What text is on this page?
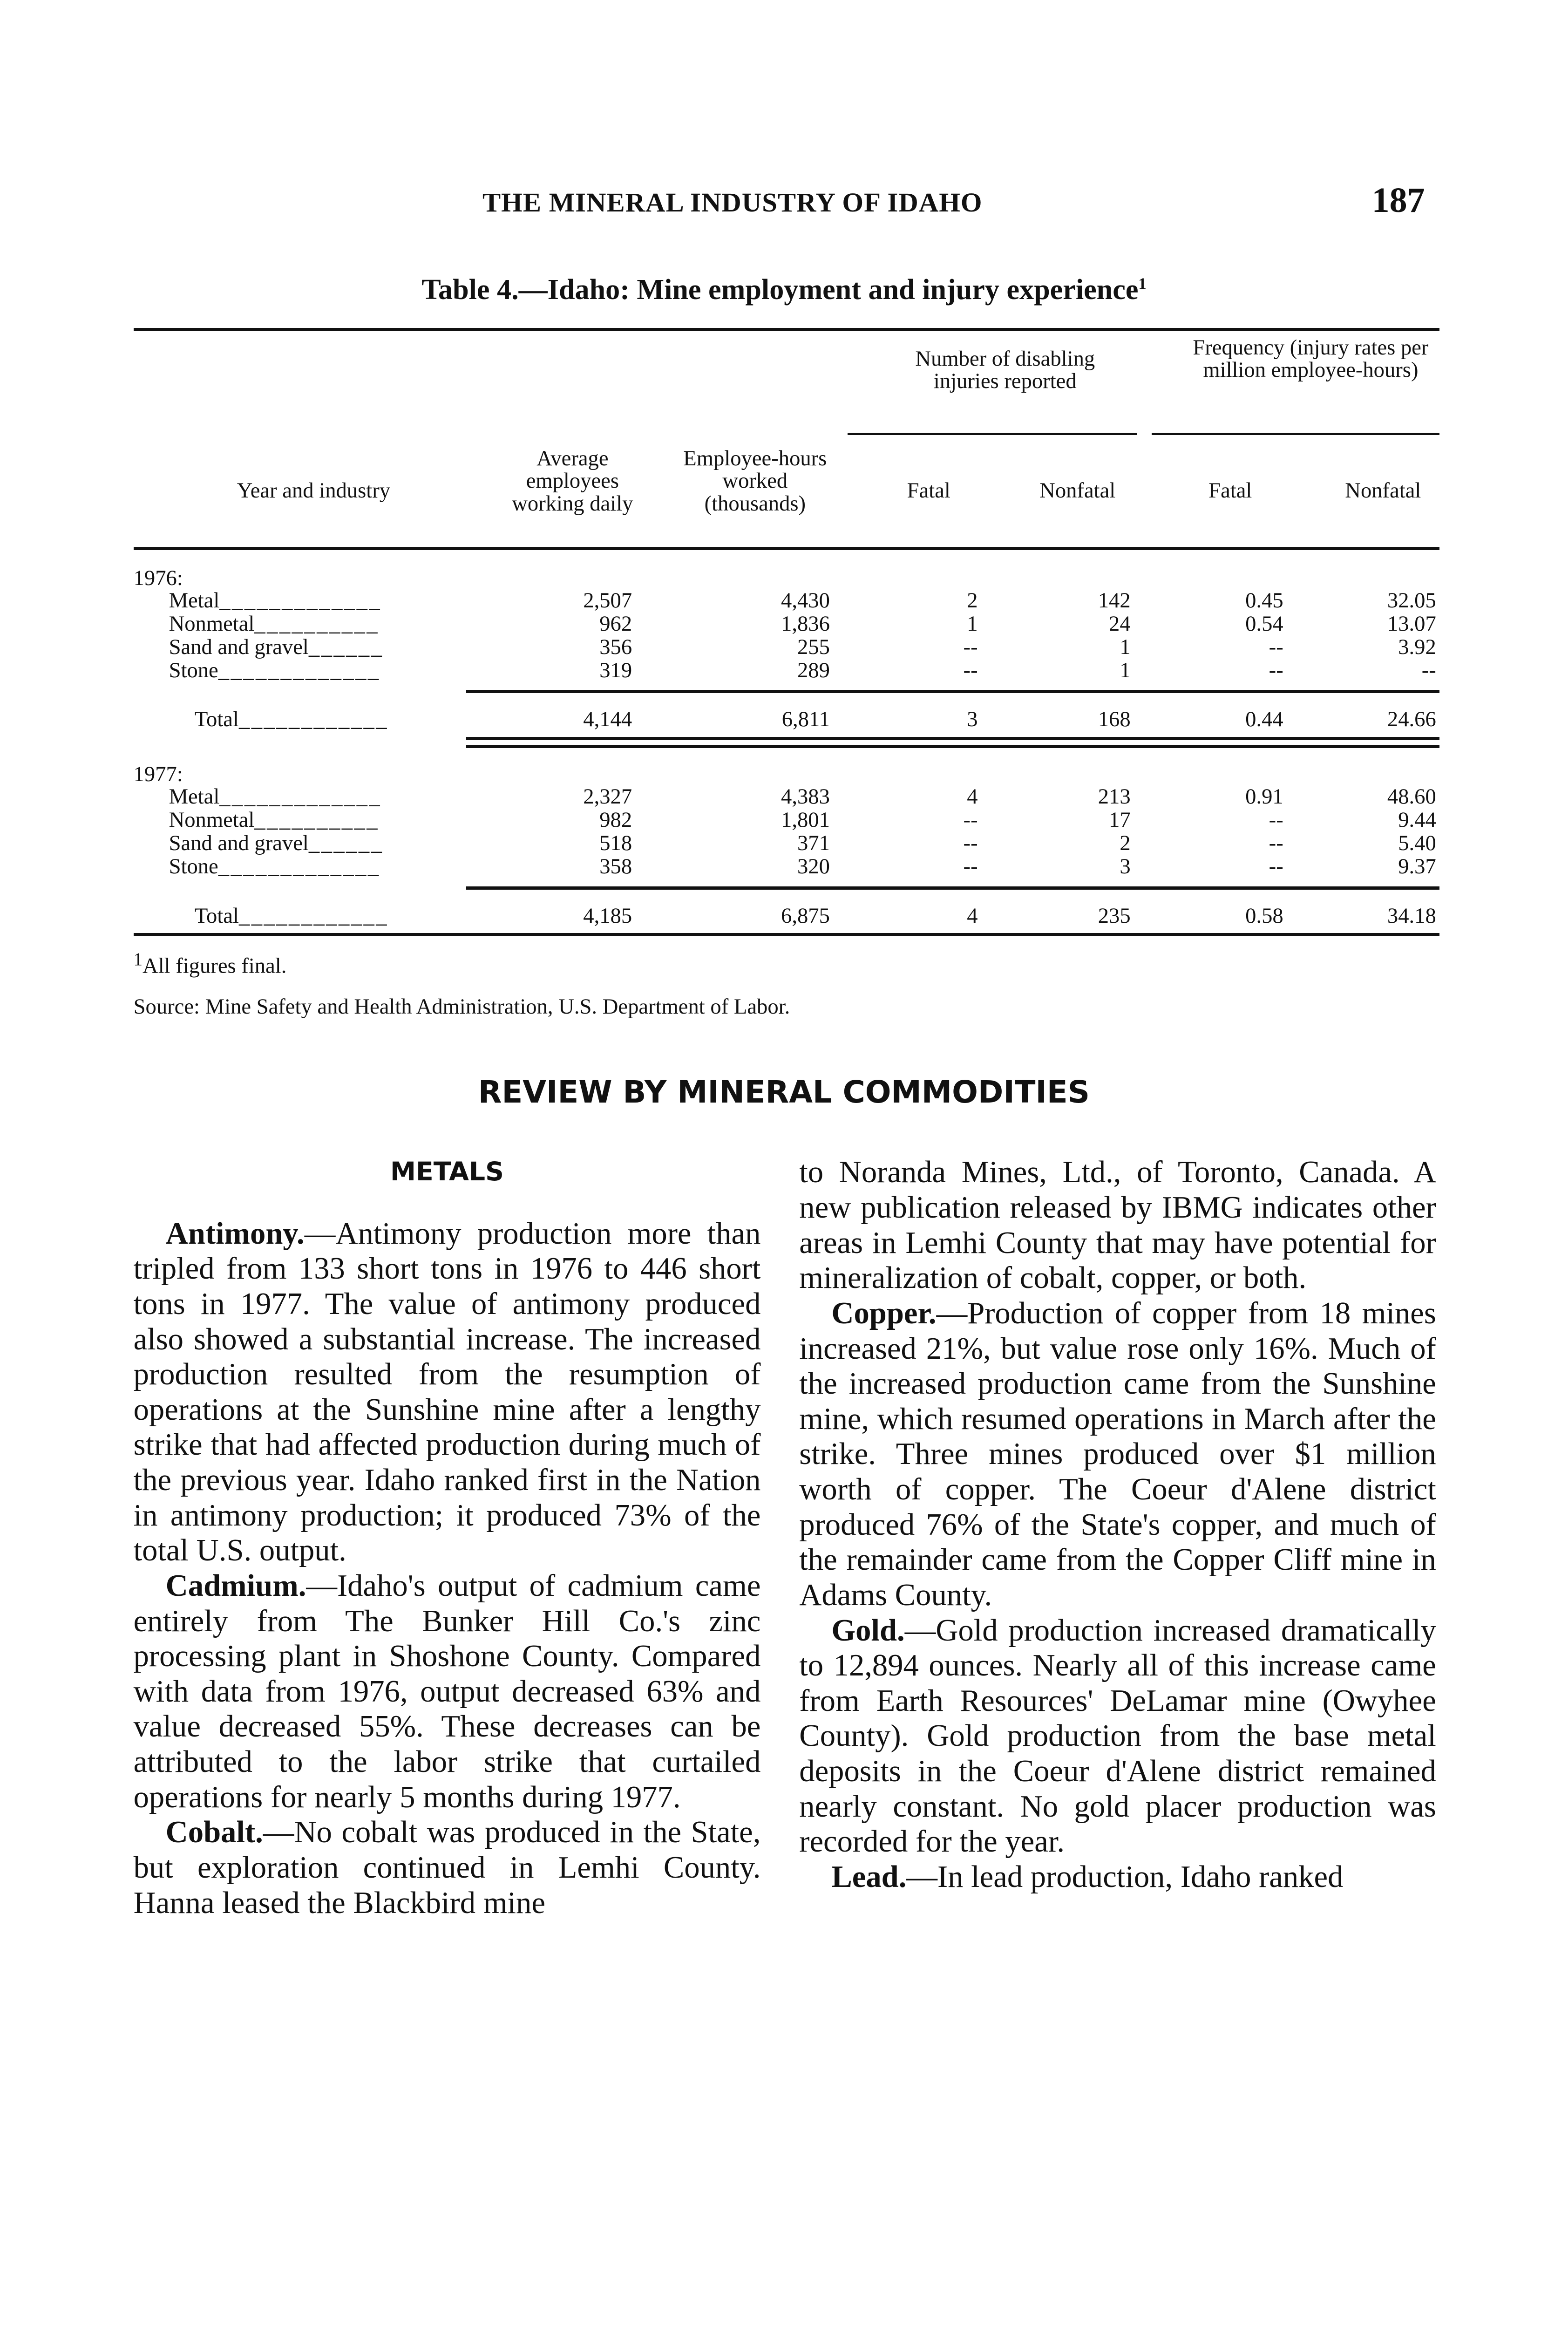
THE MINERAL INDUSTRY OF IDAHO	187
Table 4.—Idaho: Mine employment and injury experience$^1$
Number of disabling injuries reported
Frequency (injury rates per million employee-hours)
Year and industry
Average employees working daily
Employee-hours worked (thousands)
Fatal	Nonfatal	Fatal	Nonfatal
1976:
Metal_____________	2,507	4,430	2	142	0.45	32.05
Nonmetal__________	962	1,836	1	24	0.54	13.07
Sand and gravel______	356	255	--	1	--	3.92
Stone_____________	319	289	--	1	--	--
Total____________	4,144	6,811	3	168	0.44	24.66
1977:
Metal_____________	2,327	4,383	4	213	0.91	48.60
Nonmetal__________	982	1,801	--	17	--	9.44
Sand and gravel______	518	371	--	2	--	5.40
Stone_____________	358	320	--	3	--	9.37
Total____________	4,185	6,875	4	235	0.58	34.18
$^1$All figures final.
Source: Mine Safety and Health Administration, U.S. Department of Labor.
REVIEW BY MINERAL COMMODITIES
METALS

Antimony.—Antimony production more than tripled from 133 short tons in 1976 to 446 short tons in 1977. The value of antimony produced also showed a substantial increase. The increased production resulted from the resumption of operations at the Sunshine mine after a lengthy strike that had affected production during much of the previous year. Idaho ranked first in the Nation in antimony production; it produced 73% of the total U.S. output.

Cadmium.—Idaho's output of cadmium came entirely from The Bunker Hill Co.'s zinc processing plant in Shoshone County. Compared with data from 1976, output decreased 63% and value decreased 55%. These decreases can be attributed to the labor strike that curtailed operations for nearly 5 months during 1977.

Cobalt.—No cobalt was produced in the State, but exploration continued in Lemhi County. Hanna leased the Blackbird mine

to Noranda Mines, Ltd., of Toronto, Canada. A new publication released by IBMG indicates other areas in Lemhi County that may have potential for mineralization of cobalt, copper, or both.

Copper.—Production of copper from 18 mines increased 21%, but value rose only 16%. Much of the increased production came from the Sunshine mine, which resumed operations in March after the strike. Three mines produced over $1 million worth of copper. The Coeur d'Alene district produced 76% of the State's copper, and much of the remainder came from the Copper Cliff mine in Adams County.

Gold.—Gold production increased dramatically to 12,894 ounces. Nearly all of this increase came from Earth Resources' DeLamar mine (Owyhee County). Gold production from the base metal deposits in the Coeur d'Alene district remained nearly constant. No gold placer production was recorded for the year.

Lead.—In lead production, Idaho ranked
